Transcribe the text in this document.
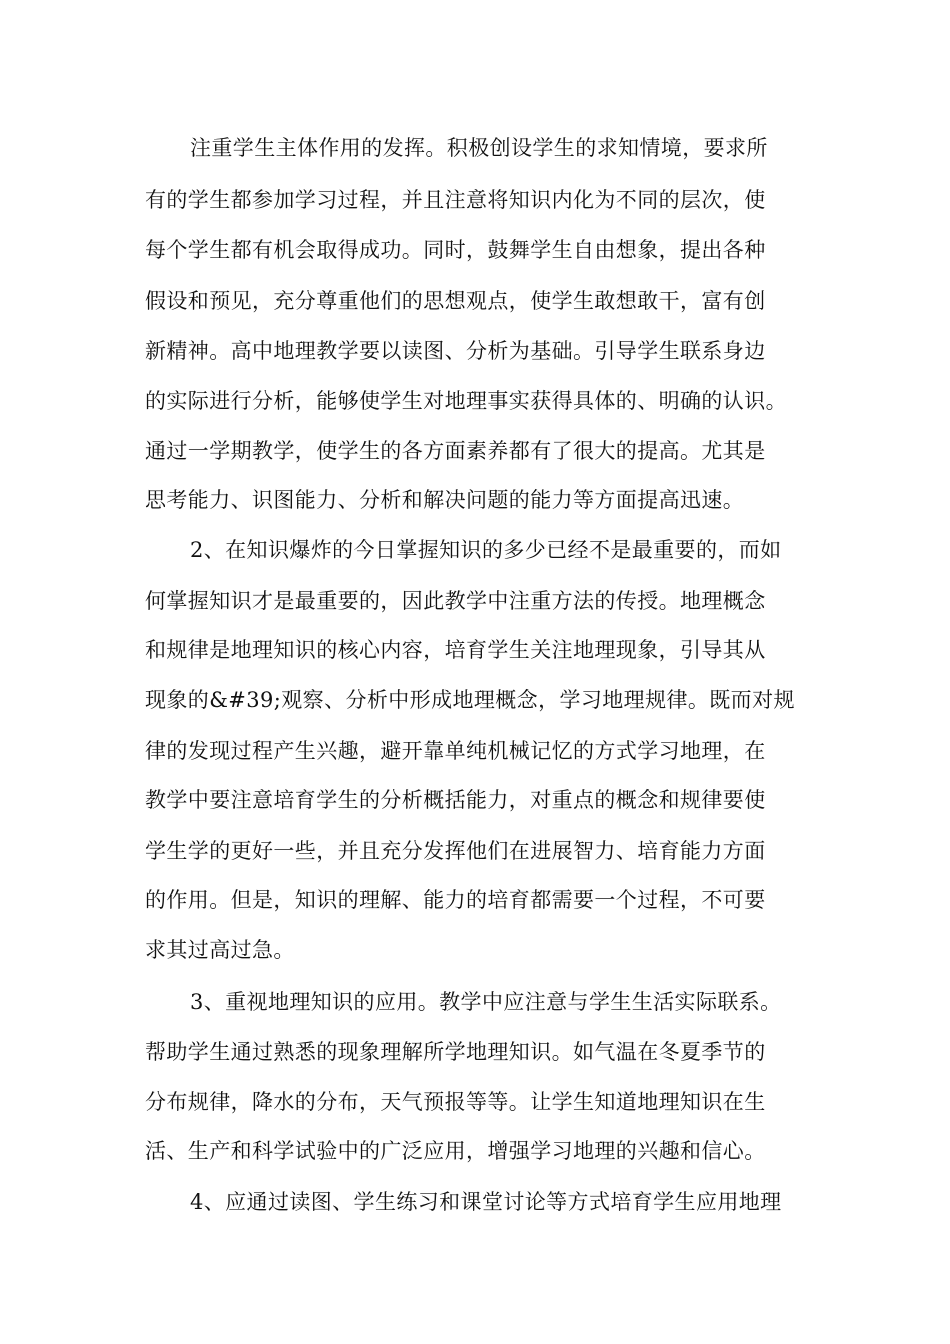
注重学生主体作用的发挥。积极创设学生的求知情境，要求所
有的学生都参加学习过程，并且注意将知识内化为不同的层次，使
每个学生都有机会取得成功。同时，鼓舞学生自由想象，提出各种
假设和预见，充分尊重他们的思想观点，使学生敢想敢干，富有创
新精神。高中地理教学要以读图、分析为基础。引导学生联系身边
的实际进行分析，能够使学生对地理事实获得具体的、明确的认识。
通过一学期教学，使学生的各方面素养都有了很大的提高。尤其是
思考能力、识图能力、分析和解决问题的能力等方面提高迅速。
2、在知识爆炸的今日掌握知识的多少已经不是最重要的，而如
何掌握知识才是最重要的，因此教学中注重方法的传授。地理概念
和规律是地理知识的核心内容，培育学生关注地理现象，引导其从
现象的&#39;观察、分析中形成地理概念，学习地理规律。既而对规
律的发现过程产生兴趣，避开靠单纯机械记忆的方式学习地理，在
教学中要注意培育学生的分析概括能力，对重点的概念和规律要使
学生学的更好一些，并且充分发挥他们在进展智力、培育能力方面
的作用。但是，知识的理解、能力的培育都需要一个过程，不可要
求其过高过急。
3、重视地理知识的应用。教学中应注意与学生生活实际联系。
帮助学生通过熟悉的现象理解所学地理知识。如气温在冬夏季节的
分布规律，降水的分布，天气预报等等。让学生知道地理知识在生
活、生产和科学试验中的广泛应用，增强学习地理的兴趣和信心。
4、应通过读图、学生练习和课堂讨论等方式培育学生应用地理
